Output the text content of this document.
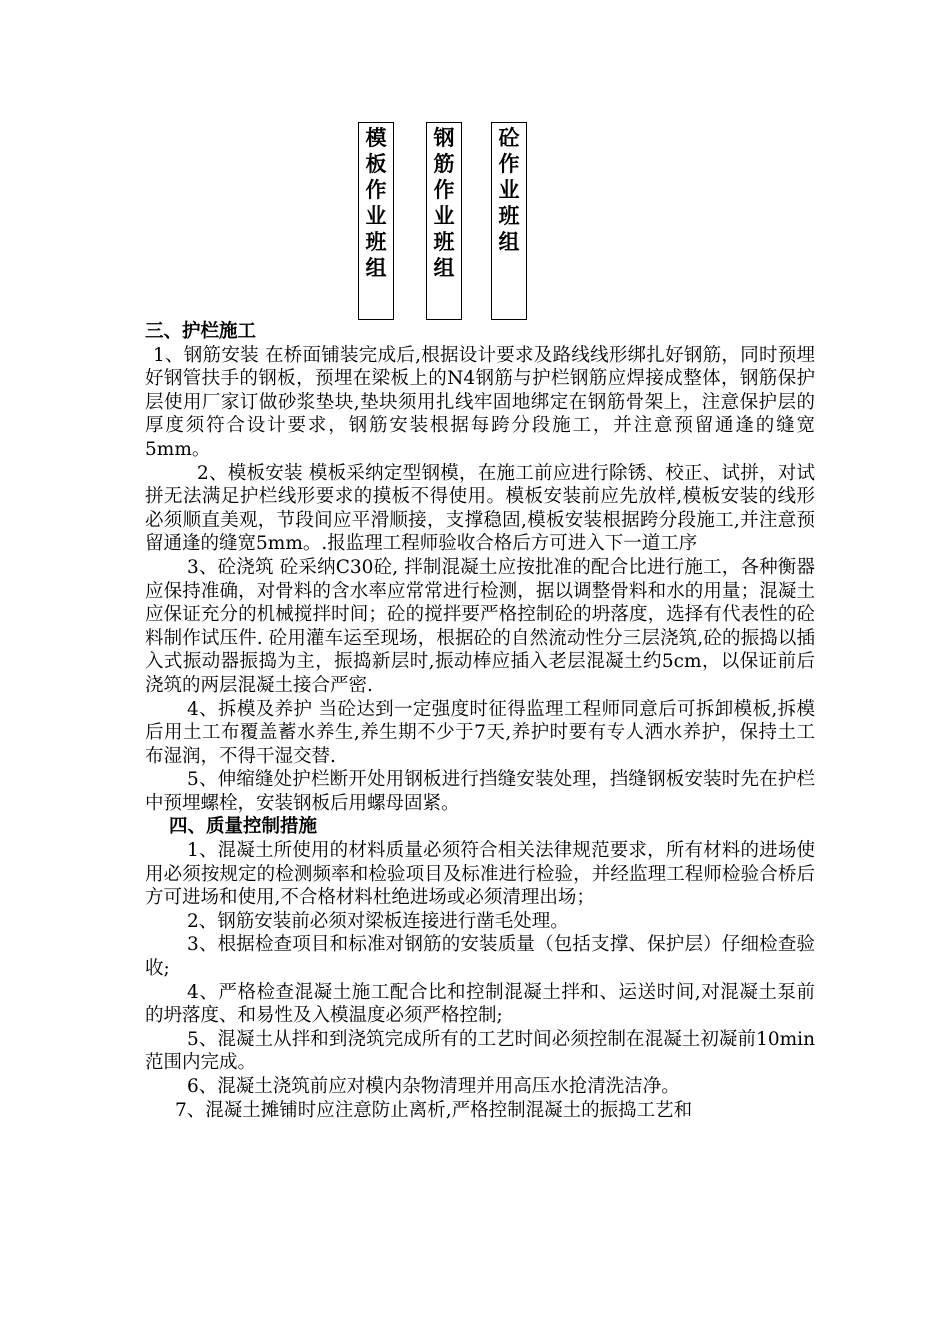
模
板
作
业
班
组
钢
筋
作
业
班
组
砼
作
业
班
组

三、护栏施工

1、钢筋安装 在桥面铺装完成后,根据设计要求及路线线形绑扎好钢筋，同时预埋好钢管扶手的钢板，预埋在梁板上的N4钢筋与护栏钢筋应焊接成整体，钢筋保护层使用厂家订做砂浆垫块,垫块须用扎线牢固地绑定在钢筋骨架上，注意保护层的厚度须符合设计要求，钢筋安装根据每跨分段施工，并注意预留通逢的缝宽5mm。

2、模板安装 模板采纳定型钢模，在施工前应进行除锈、校正、试拼，对试拼无法满足护栏线形要求的摸板不得使用。模板安装前应先放样,模板安装的线形必须顺直美观，节段间应平滑顺接，支撑稳固,模板安装根据跨分段施工,并注意预留通逢的缝宽5mm。.报监理工程师验收合格后方可进入下一道工序

3、砼浇筑 砼采纳C30砼, 拌制混凝土应按批准的配合比进行施工，各种衡器应保持准确，对骨料的含水率应常常进行检测，据以调整骨料和水的用量；混凝土应保证充分的机械搅拌时间；砼的搅拌要严格控制砼的坍落度，选择有代表性的砼料制作试压件. 砼用灌车运至现场，根据砼的自然流动性分三层浇筑,砼的振捣以插入式振动器振捣为主，振捣新层时,振动棒应插入老层混凝土约5cm，以保证前后浇筑的两层混凝土接合严密.

4、拆模及养护 当砼达到一定强度时征得监理工程师同意后可拆卸模板,拆模后用土工布覆盖蓄水养生,养生期不少于7天,养护时要有专人洒水养护，保持土工布湿润，不得干湿交替.

5、伸缩缝处护栏断开处用钢板进行挡缝安装处理，挡缝钢板安装时先在护栏中预埋螺栓，安装钢板后用螺母固紧。

四、质量控制措施

1、混凝土所使用的材料质量必须符合相关法律规范要求，所有材料的进场使用必须按规定的检测频率和检验项目及标准进行检验，并经监理工程师检验合桥后方可进场和使用,不合格材料杜绝进场或必须清理出场；

2、钢筋安装前必须对梁板连接进行凿毛处理。

3、根据检查项目和标准对钢筋的安装质量（包括支撑、保护层）仔细检查验收;

4、严格检查混凝土施工配合比和控制混凝土拌和、运送时间,对混凝土泵前的坍落度、和易性及入模温度必须严格控制;

5、混凝土从拌和到浇筑完成所有的工艺时间必须控制在混凝土初凝前10min范围内完成。

6、混凝土浇筑前应对模内杂物清理并用高压水抢清洗洁净。

7、混凝土摊铺时应注意防止离析,严格控制混凝土的振捣工艺和
